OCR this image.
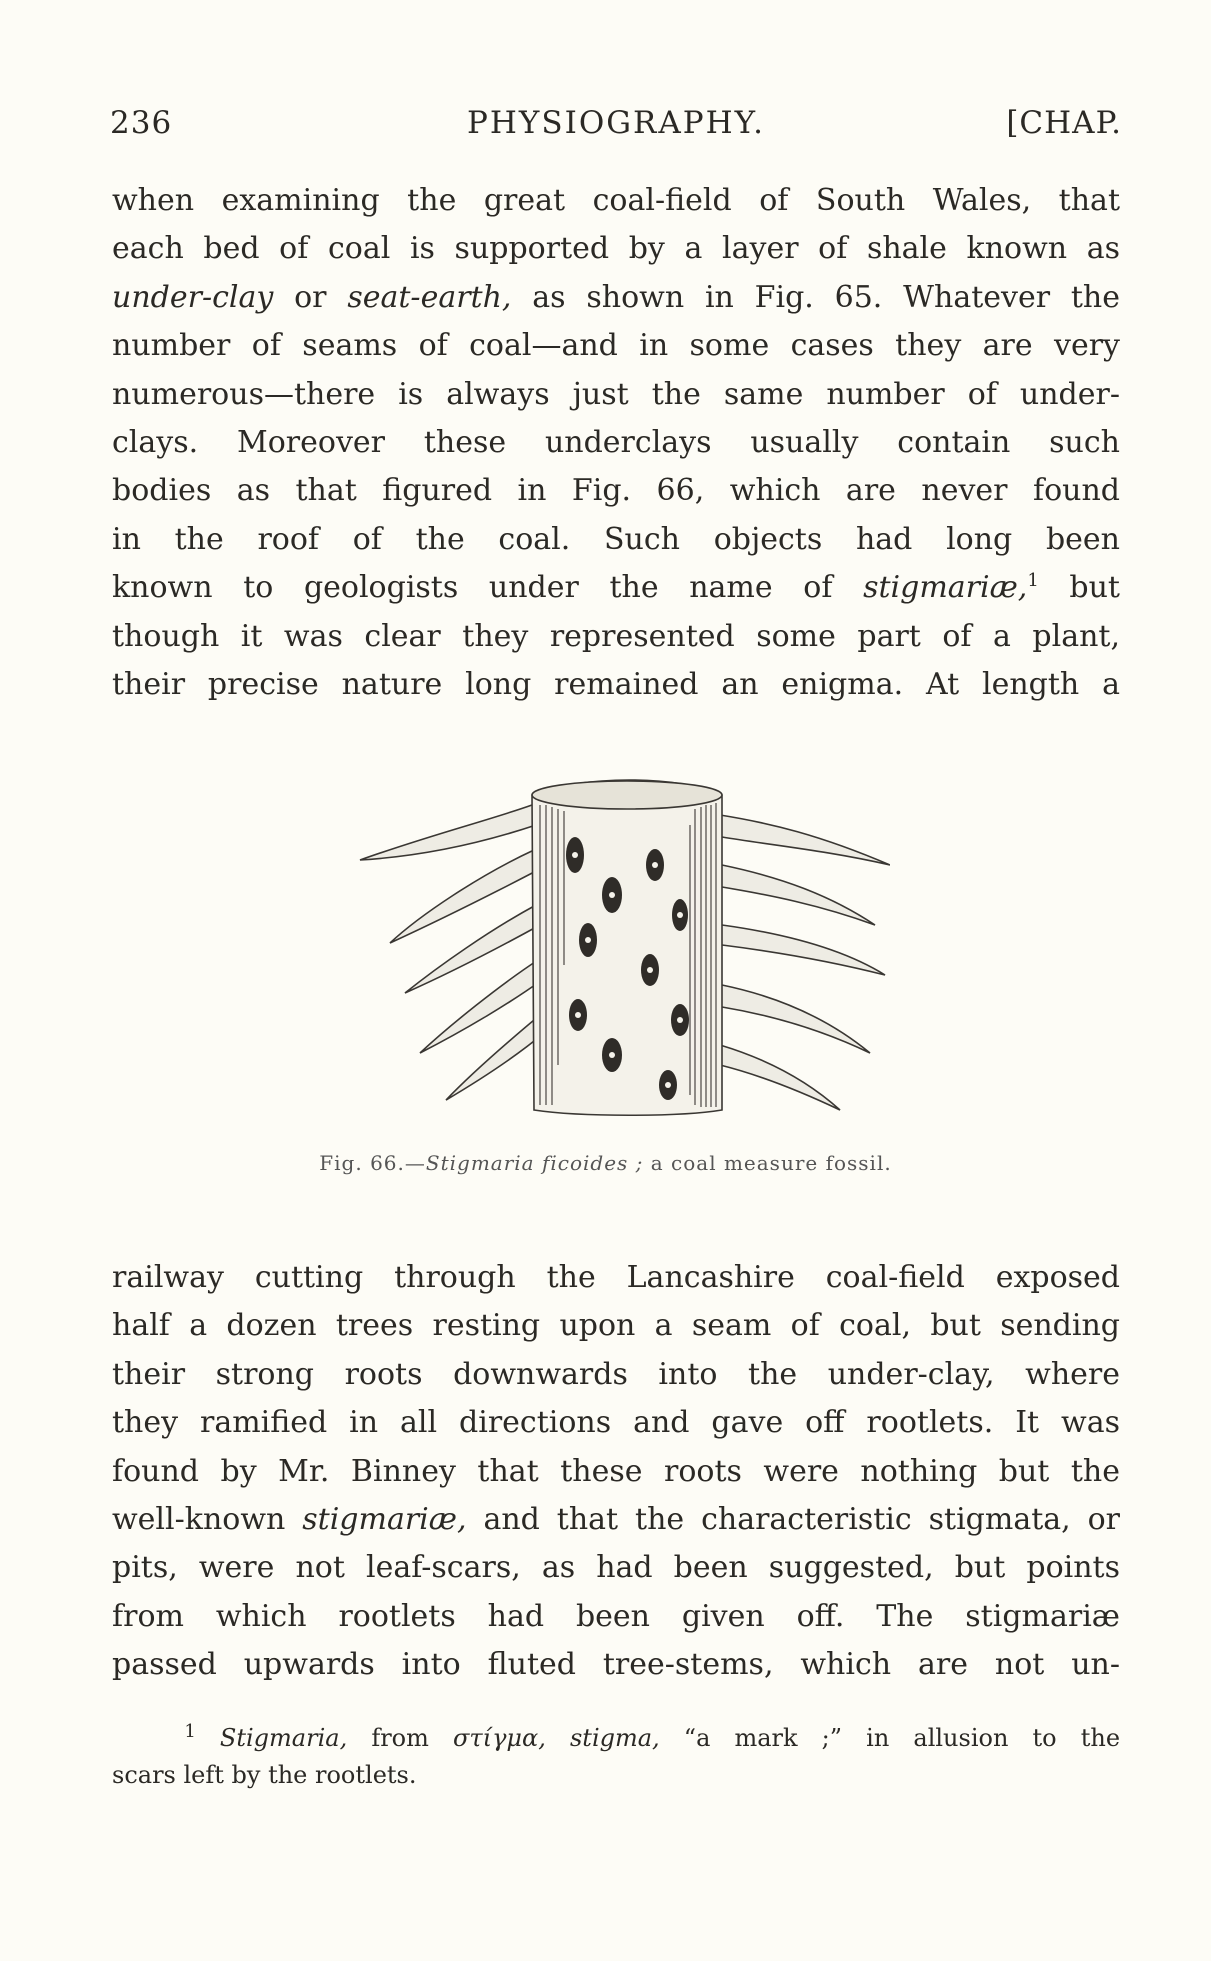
236	PHYSIOGRAPHY.	[CHAP.
when examining the great coal-field of South Wales, that
each bed of coal is supported by a layer of shale known as
under-clay or seat-earth, as shown in Fig. 65. Whatever the
number of seams of coal—and in some cases they are very
numerous—there is always just the same number of under-
clays. Moreover these underclays usually contain such
bodies as that figured in Fig. 66, which are never found
in the roof of the coal. Such objects had long been
known to geologists under the name of stigmariæ,$^1$ but
though it was clear they represented some part of a plant,
their precise nature long remained an enigma. At length a
Fig. 66.—Stigmaria ficoides ; a coal measure fossil.
railway cutting through the Lancashire coal-field exposed
half a dozen trees resting upon a seam of coal, but sending
their strong roots downwards into the under-clay, where
they ramified in all directions and gave off rootlets. It was
found by Mr. Binney that these roots were nothing but the
well-known stigmariæ, and that the characteristic stigmata, or
pits, were not leaf-scars, as had been suggested, but points
from which rootlets had been given off. The stigmariæ
passed upwards into fluted tree-stems, which are not un-
$^1$ Stigmaria, from στίγμα, stigma, “a mark ;” in allusion to the
scars left by the rootlets.
